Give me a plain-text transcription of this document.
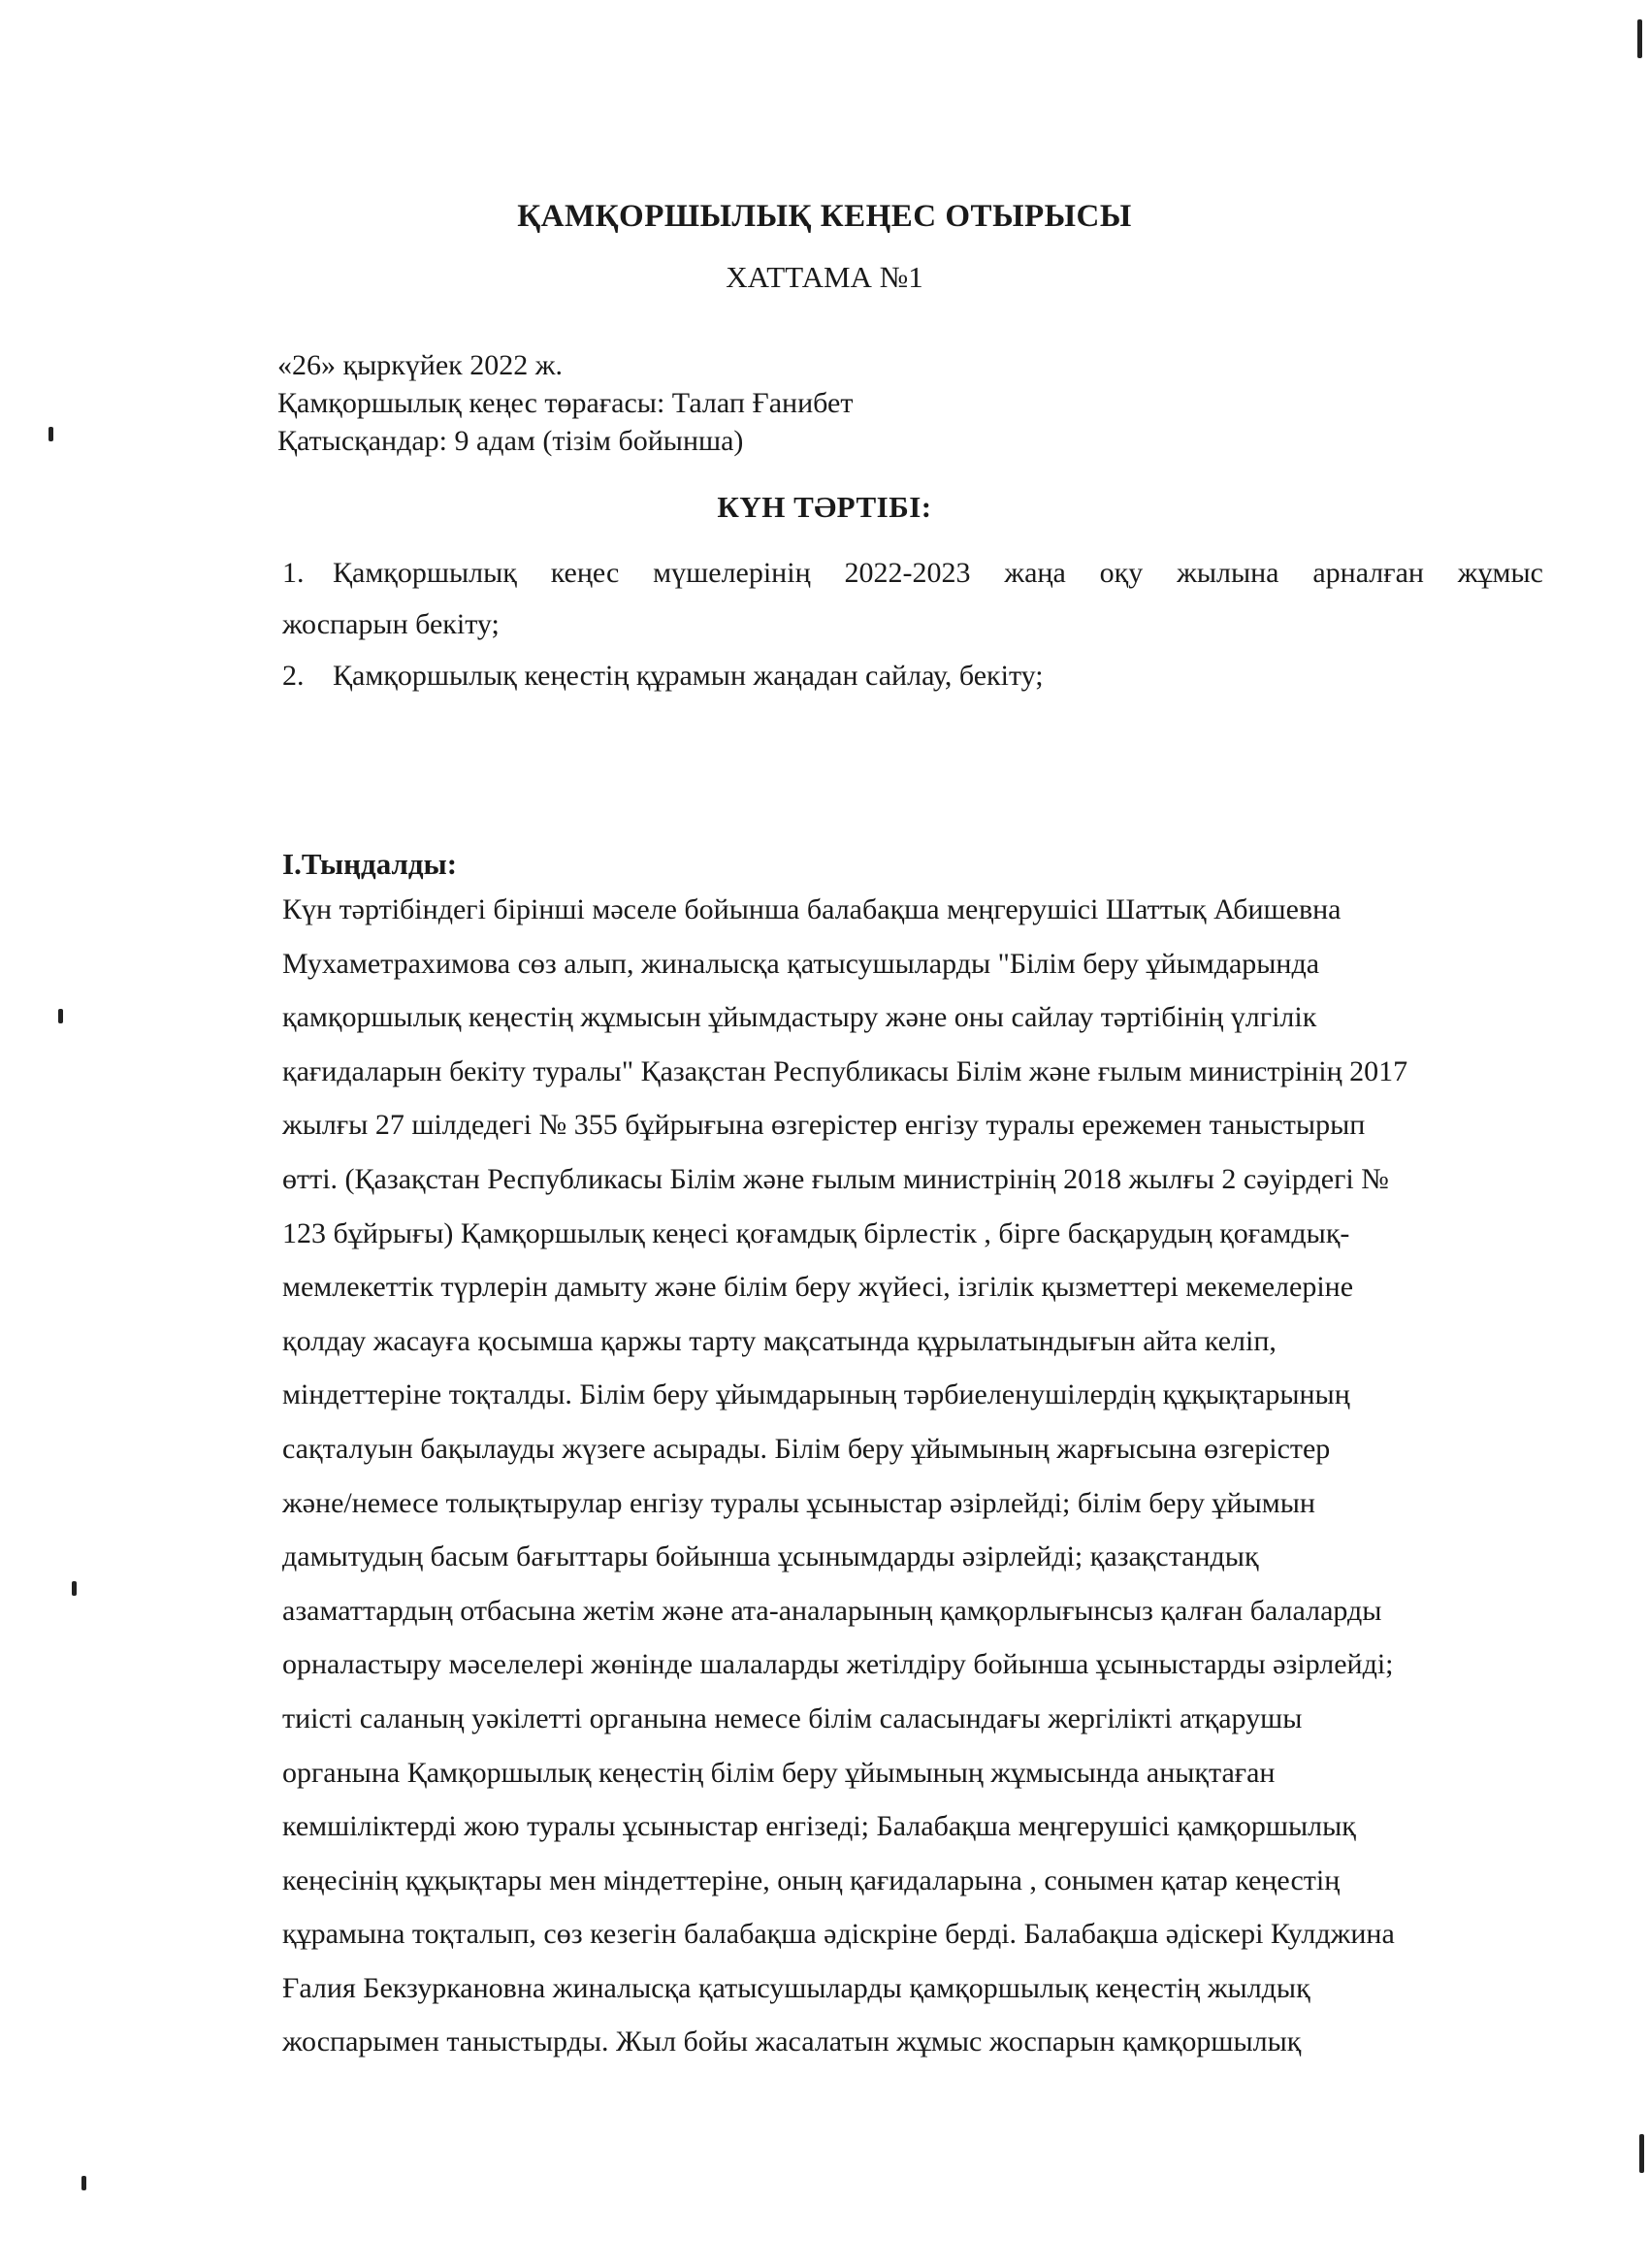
ҚАМҚОРШЫЛЫҚ КЕҢЕС ОТЫРЫСЫ
ХАТТАМА №1
«26» қыркүйек 2022 ж.
Қамқоршылық кеңес төрағасы: Талап Ғанибет
Қатысқандар: 9 адам (тізім бойынша)
КҮН ТӘРТІБІ:
1. Қамқоршылық кеңес мүшелерінің 2022-2023 жаңа оқу жылына арналған жұмыс
жоспарын бекіту;
2. Қамқоршылық кеңестің құрамын жаңадан сайлау, бекіту;
І.Тыңдалды:
Күн тәртібіндегі бірінші мәселе бойынша балабақша меңгерушісі Шаттық Абишевна
Мухаметрахимова сөз алып, жиналысқа қатысушыларды "Білім беру ұйымдарында
қамқоршылық кеңестің жұмысын ұйымдастыру және оны сайлау тәртібінің үлгілік
қағидаларын бекіту туралы" Қазақстан Республикасы Білім және ғылым министрінің 2017
жылғы 27 шілдедегі № 355 бұйрығына өзгерістер енгізу туралы ережемен таныстырып
өтті. (Қазақстан Республикасы Білім және ғылым министрінің 2018 жылғы 2 сәуірдегі №
123 бұйрығы) Қамқоршылық кеңесі қоғамдық бірлестік , бірге басқарудың қоғамдық-
мемлекеттік түрлерін дамыту және білім беру жүйесі, ізгілік қызметтері мекемелеріне
қолдау жасауға қосымша қаржы тарту мақсатында құрылатындығын айта келіп,
міндеттеріне тоқталды. Білім беру ұйымдарының тәрбиеленушілердің құқықтарының
сақталуын бақылауды жүзеге асырады. Білім беру ұйымының жарғысына өзгерістер
және/немесе толықтырулар енгізу туралы ұсыныстар әзірлейді; білім беру ұйымын
дамытудың басым бағыттары бойынша ұсынымдарды әзірлейді; қазақстандық
азаматтардың отбасына жетім және ата-аналарының қамқорлығынсыз қалған балаларды
орналастыру мәселелері жөнінде шалаларды жетілдіру бойынша ұсыныстарды әзірлейді;
тиісті саланың уәкілетті органына немесе білім саласындағы жергілікті атқарушы
органына Қамқоршылық кеңестің білім беру ұйымының жұмысында анықтаған
кемшіліктерді жою туралы ұсыныстар енгізеді; Балабақша меңгерушісі қамқоршылық
кеңесінің құқықтары мен міндеттеріне, оның қағидаларына , сонымен қатар кеңестің
құрамына тоқталып, сөз кезегін балабақша әдіскріне берді. Балабақша әдіскері Кулджина
Ғалия Бекзуркановна жиналысқа қатысушыларды қамқоршылық кеңестің жылдық
жоспарымен таныстырды. Жыл бойы жасалатын жұмыс жоспарын қамқоршылық
